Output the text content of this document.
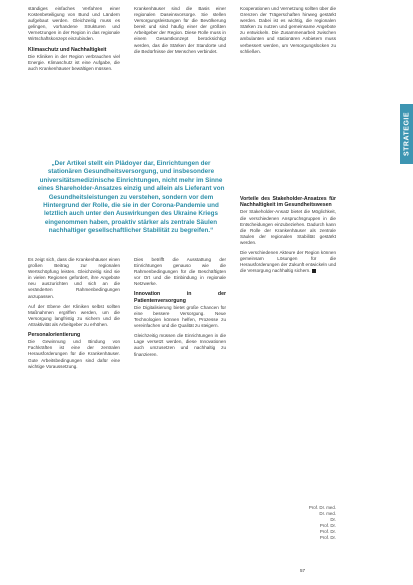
ständiges einfaches Verfahren einer Kostenbeteiligung von Bund und Ländern aufgebaut werden. Gleichzeitig muss es gelingen, vorhandene Strukturen und Vernetzungen in der Region in das regionale Wirtschaftskonzept einzubinden.

Klimaschutz und Nachhaltigkeit

Die Kliniken in der Region verbrauchen viel Energie. Klimaschutz ist eine Aufgabe, die auch Krankenhäuser bewältigen müssen.

Krankenhäuser sind die Basis einer regionalen Daseinsvorsorge. Sie stellen Versorgungsleistungen für die Bevölkerung bereit und sind häufig einer der größten Arbeitgeber der Region. Diese Rolle muss in einem Gesamtkonzept berücksichtigt werden, das die Stärken der Standorte und die Bedürfnisse der Menschen verbindet.

Kooperationen und Vernetzung sollten über die Grenzen der Trägerschaften hinweg gestärkt werden. Dabei ist es wichtig, die regionalen Stärken zu nutzen und gemeinsame Angebote zu entwickeln. Die Zusammenarbeit zwischen ambulanten und stationären Anbietern muss verbessert werden, um Versorgungslücken zu schließen.

„Der Artikel stellt ein Plädoyer dar, Einrichtungen der stationären Gesundheitsversorgung, und insbesondere universitätsmedizinische Einrichtungen, nicht mehr im Sinne eines Shareholder-Ansatzes einzig und allein als Lieferant von Gesundheitsleistungen zu verstehen, sondern vor dem Hintergrund der Rolle, die sie in der Corona-Pandemie und letztlich auch unter den Auswirkungen des Ukraine Kriegs eingenommen haben, proaktiv stärker als zentrale Säulen nachhaltiger gesellschaftlicher Stabilität zu begreifen.“

Es zeigt sich, dass die Krankenhäuser einen großen Beitrag zur regionalen Wertschöpfung leisten. Gleichzeitig sind sie in vielen Regionen gefordert, ihre Angebote neu auszurichten und sich an die veränderten Rahmenbedingungen anzupassen.

Auf der Ebene der Kliniken selbst sollten Maßnahmen ergriffen werden, um die Versorgung langfristig zu sichern und die Attraktivität als Arbeitgeber zu erhöhen.

Personalorientierung

Die Gewinnung und Bindung von Fachkräften ist eine der zentralen Herausforderungen für die Krankenhäuser. Gute Arbeitsbedingungen sind dafür eine wichtige Voraussetzung.

Dies betrifft die Ausstattung der Einrichtungen genauso wie die Rahmenbedingungen für die Beschäftigten vor Ort und die Einbindung in regionale Netzwerke.

Innovation in der Patientenversorgung

Die Digitalisierung bietet große Chancen für eine bessere Versorgung. Neue Technologien können helfen, Prozesse zu vereinfachen und die Qualität zu steigern.

Gleichzeitig müssen die Einrichtungen in die Lage versetzt werden, diese Innovationen auch umzusetzen und nachhaltig zu finanzieren.

Vorteile des Stakeholder-Ansatzes für Nachhaltigkeit im Gesundheitswesen

Der Stakeholder-Ansatz bietet die Möglichkeit, die verschiedenen Anspruchsgruppen in die Entscheidungen einzubeziehen. Dadurch kann die Rolle der Krankenhäuser als zentrale Säulen der regionalen Stabilität gestärkt werden.

Die verschiedenen Akteure der Region können gemeinsam Lösungen für die Herausforderungen der Zukunft entwickeln und die Versorgung nachhaltig sichern.

STRATEGIE
Prof. Dr. med.
Dr. med.
Dr.
Prof. Dr.
Prof. Dr.
Prof. Dr.
57
